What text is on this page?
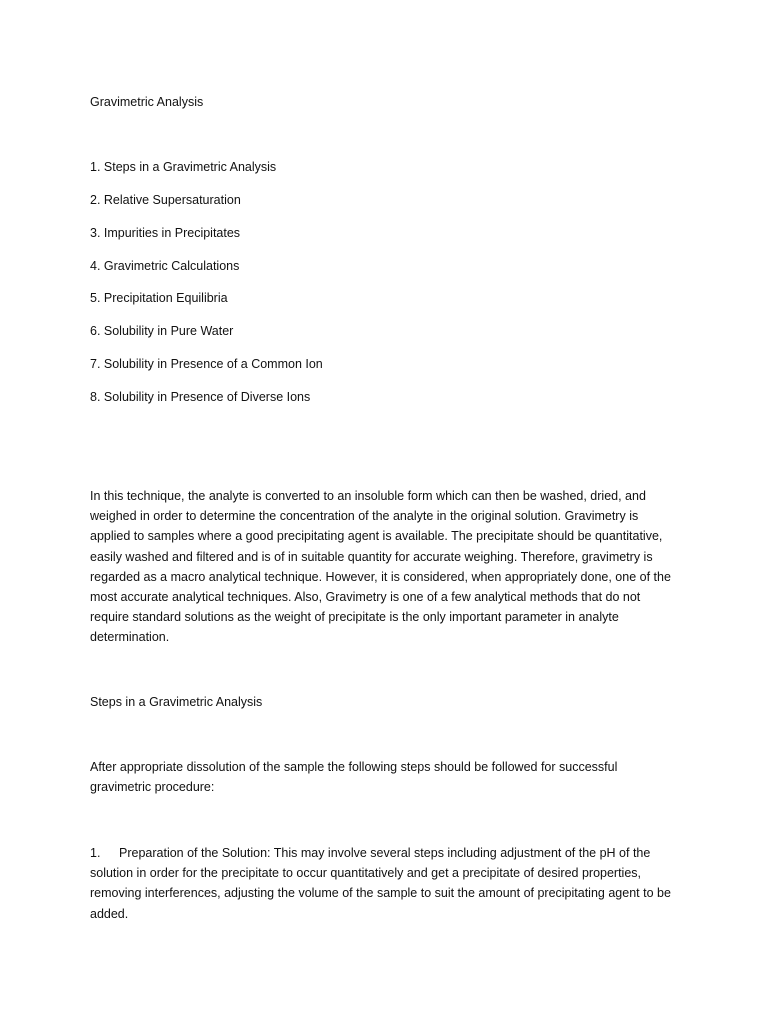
Gravimetric Analysis
1. Steps in a Gravimetric Analysis
2. Relative Supersaturation
3. Impurities in Precipitates
4. Gravimetric Calculations
5. Precipitation Equilibria
6. Solubility in Pure Water
7. Solubility in Presence of a Common Ion
8. Solubility in Presence of Diverse Ions
In this technique, the analyte is converted to an insoluble form which can then be washed, dried, and weighed in order to determine the concentration of the analyte in the original solution. Gravimetry is applied to samples where a good precipitating agent is available. The precipitate should be quantitative, easily washed and filtered and is of in suitable quantity for accurate weighing. Therefore, gravimetry is regarded as a macro analytical technique. However, it is considered, when appropriately done, one of the most accurate analytical techniques. Also, Gravimetry is one of a few analytical methods that do not require standard solutions as the weight of precipitate is the only important parameter in analyte determination.
Steps in a Gravimetric Analysis
After appropriate dissolution of the sample the following steps should be followed for successful gravimetric procedure:
1. Preparation of the Solution: This may involve several steps including adjustment of the pH of the solution in order for the precipitate to occur quantitatively and get a precipitate of desired properties, removing interferences, adjusting the volume of the sample to suit the amount of precipitating agent to be added.
